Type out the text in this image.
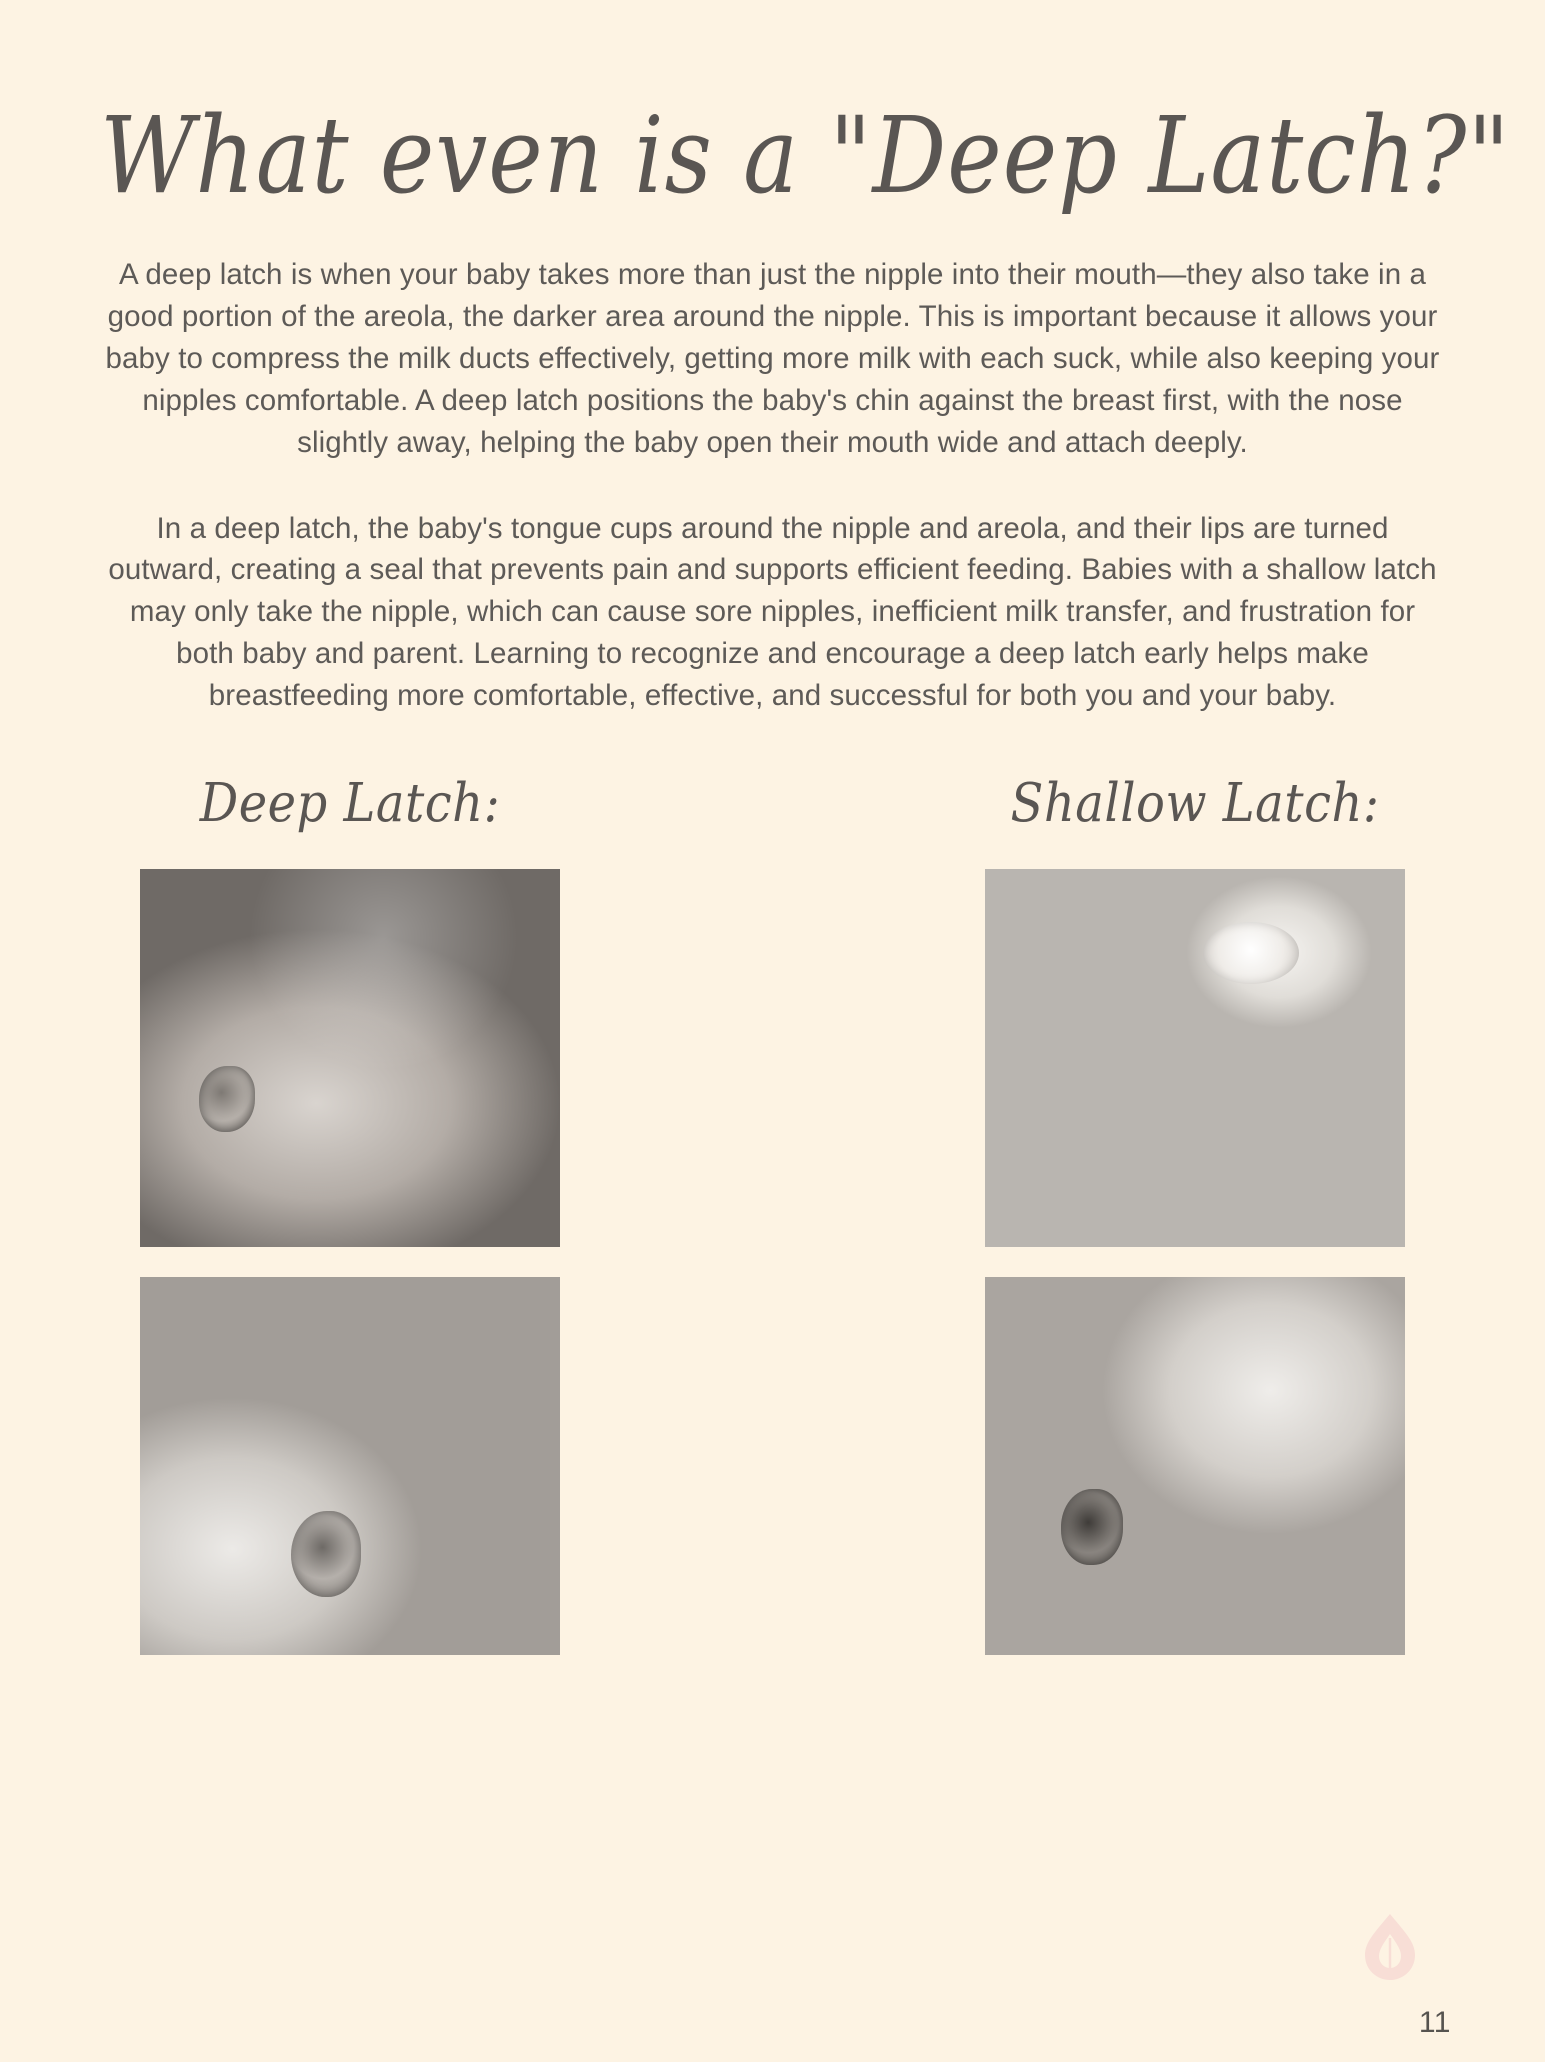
What even is a "Deep Latch?"

A deep latch is when your baby takes more than just the nipple into their mouth—they also take in a good portion of the areola, the darker area around the nipple. This is important because it allows your baby to compress the milk ducts effectively, getting more milk with each suck, while also keeping your nipples comfortable. A deep latch positions the baby's chin against the breast first, with the nose slightly away, helping the baby open their mouth wide and attach deeply.

In a deep latch, the baby's tongue cups around the nipple and areola, and their lips are turned outward, creating a seal that prevents pain and supports efficient feeding. Babies with a shallow latch may only take the nipple, which can cause sore nipples, inefficient milk transfer, and frustration for both baby and parent. Learning to recognize and encourage a deep latch early helps make breastfeeding more comfortable, effective, and successful for both you and your baby.

Deep Latch:	Shallow Latch:
11
